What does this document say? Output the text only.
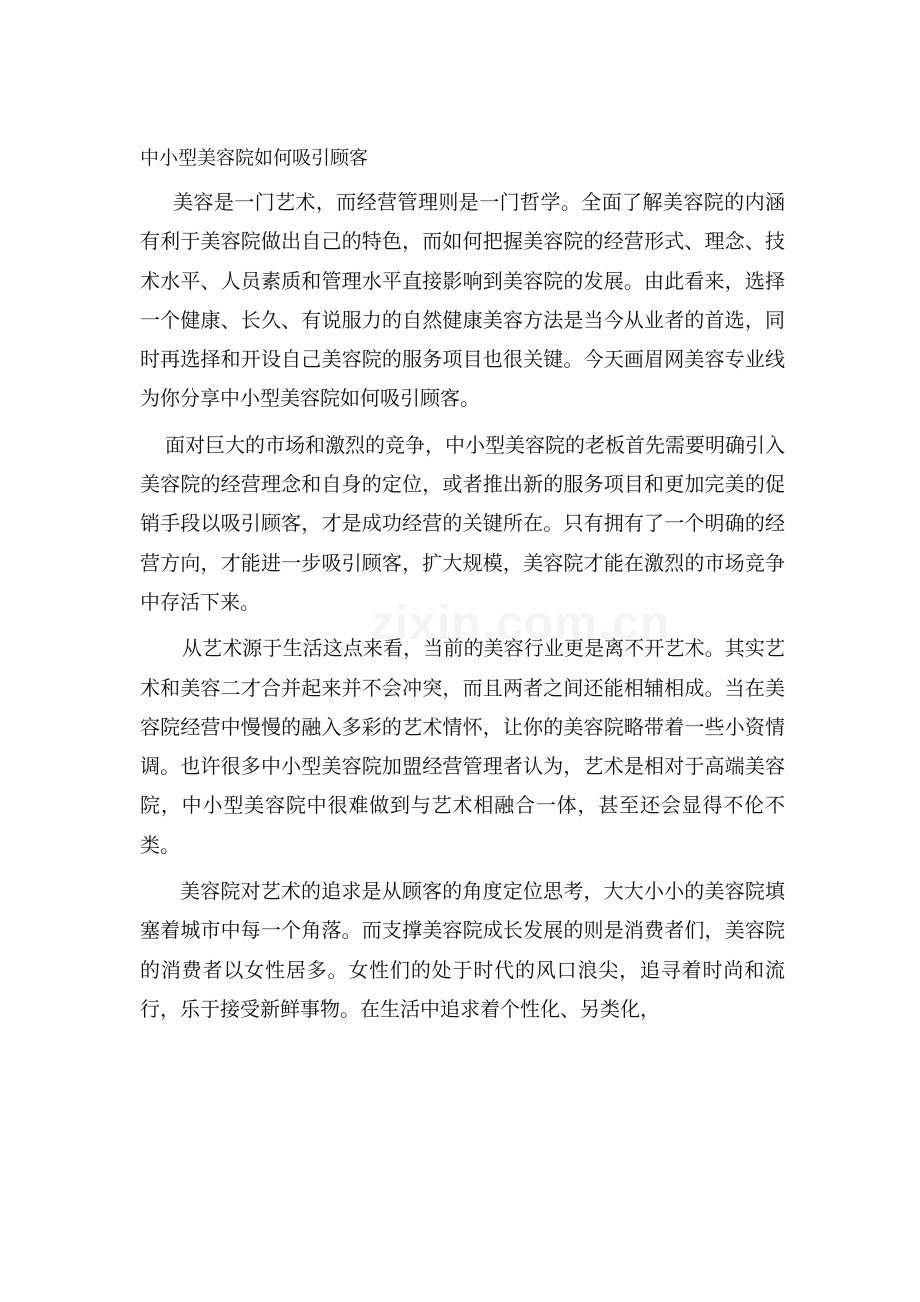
zixin.com.cn
中小型美容院如何吸引顾客

美容是一门艺术，而经营管理则是一门哲学。全面了解美容院的内涵有利于美容院做出自己的特色，而如何把握美容院的经营形式、理念、技术水平、人员素质和管理水平直接影响到美容院的发展。由此看来，选择一个健康、长久、有说服力的自然健康美容方法是当今从业者的首选，同时再选择和开设自己美容院的服务项目也很关键。今天画眉网美容专业线为你分享中小型美容院如何吸引顾客。

面对巨大的市场和激烈的竞争，中小型美容院的老板首先需要明确引入美容院的经营理念和自身的定位，或者推出新的服务项目和更加完美的促销手段以吸引顾客，才是成功经营的关键所在。只有拥有了一个明确的经营方向，才能进一步吸引顾客，扩大规模，美容院才能在激烈的市场竞争中存活下来。

从艺术源于生活这点来看，当前的美容行业更是离不开艺术。其实艺术和美容二才合并起来并不会冲突，而且两者之间还能相辅相成。当在美容院经营中慢慢的融入多彩的艺术情怀，让你的美容院略带着一些小资情调。也许很多中小型美容院加盟经营管理者认为，艺术是相对于高端美容院，中小型美容院中很难做到与艺术相融合一体，甚至还会显得不伦不类。

美容院对艺术的追求是从顾客的角度定位思考，大大小小的美容院填塞着城市中每一个角落。而支撑美容院成长发展的则是消费者们，美容院的消费者以女性居多。女性们的处于时代的风口浪尖，追寻着时尚和流行，乐于接受新鲜事物。在生活中追求着个性化、另类化，
